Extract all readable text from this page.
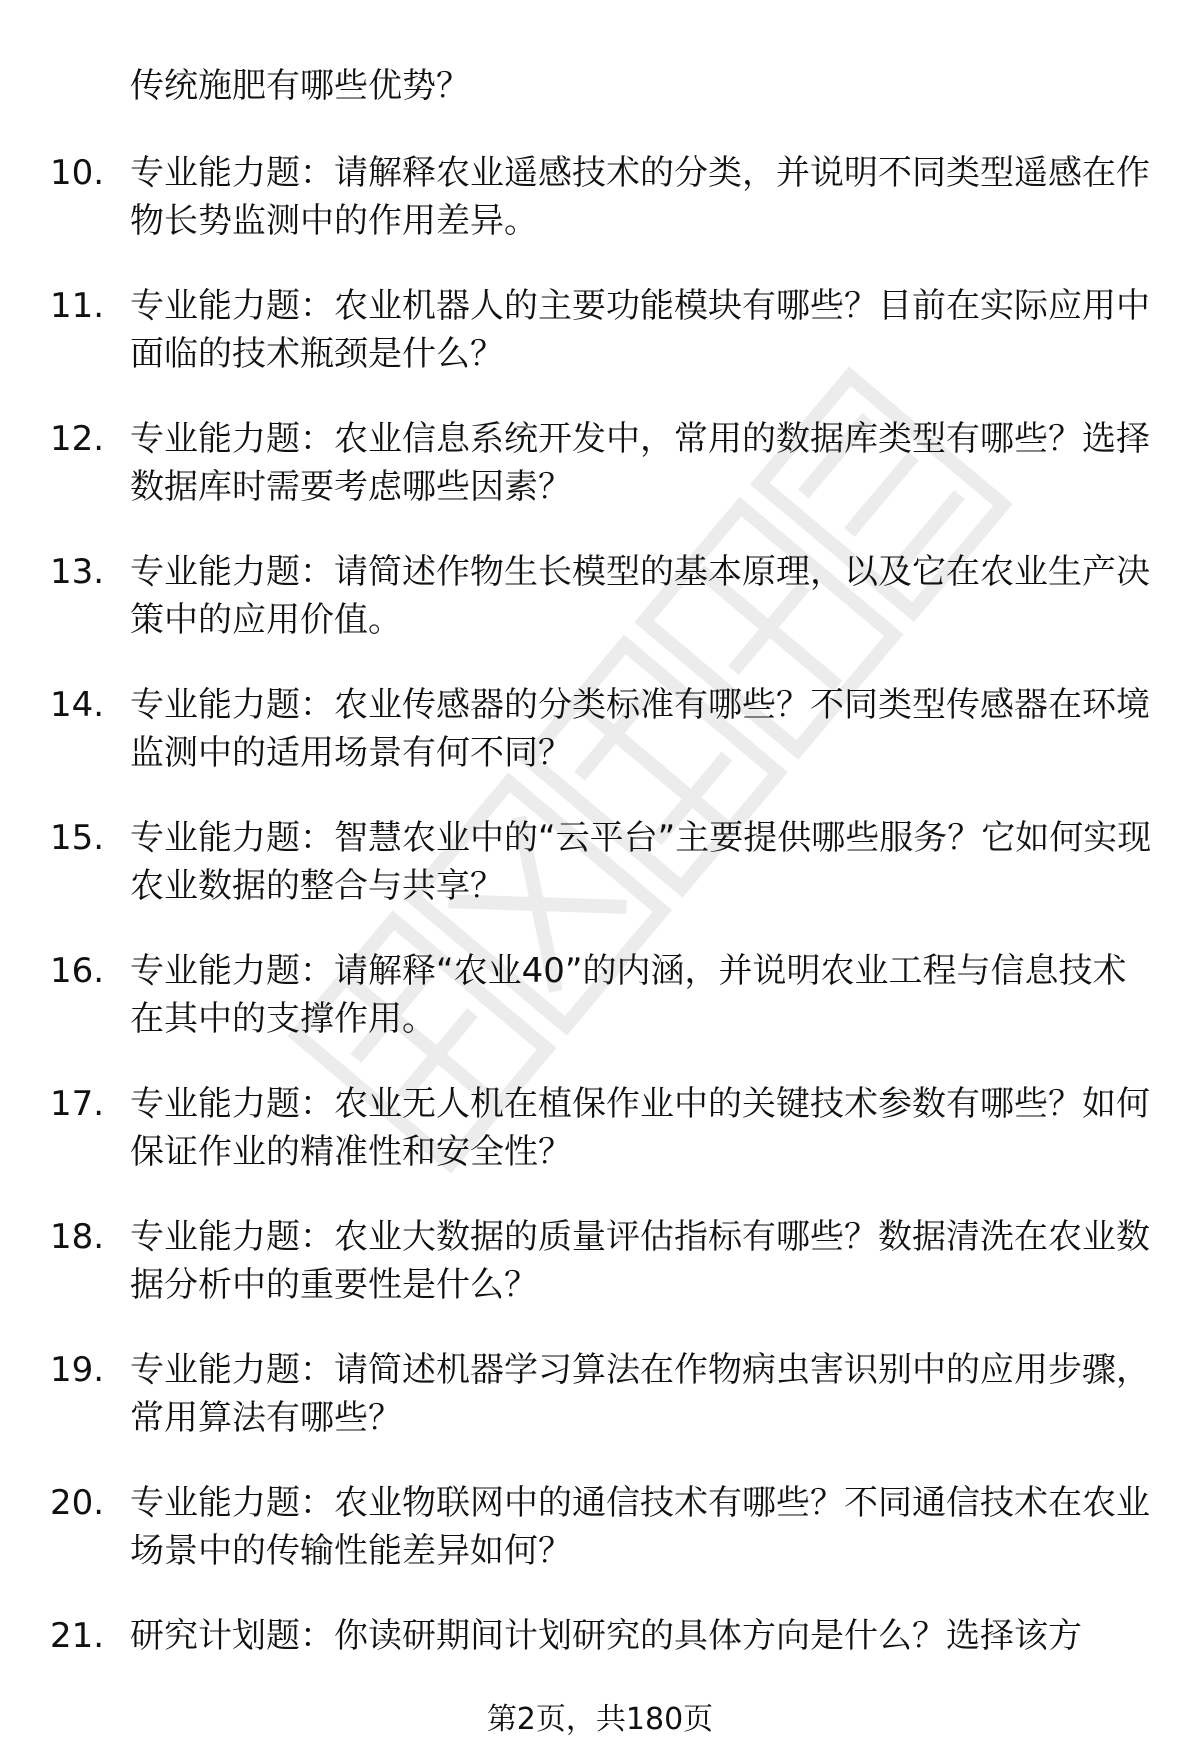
传统施肥有哪些优势？
10. 专业能力题：请解释农业遥感技术的分类，并说明不同类型遥感在作物长势监测中的作用差异。
11. 专业能力题：农业机器人的主要功能模块有哪些？目前在实际应用中面临的技术瓶颈是什么？
12. 专业能力题：农业信息系统开发中，常用的数据库类型有哪些？选择数据库时需要考虑哪些因素？
13. 专业能力题：请简述作物生长模型的基本原理，以及它在农业生产决策中的应用价值。
14. 专业能力题：农业传感器的分类标准有哪些？不同类型传感器在环境监测中的适用场景有何不同？
15. 专业能力题：智慧农业中的“云平台”主要提供哪些服务？它如何实现农业数据的整合与共享？
16. 专业能力题：请解释“农业40”的内涵，并说明农业工程与信息技术在其中的支撑作用。
17. 专业能力题：农业无人机在植保作业中的关键技术参数有哪些？如何保证作业的精准性和安全性？
18. 专业能力题：农业大数据的质量评估指标有哪些？数据清洗在农业数据分析中的重要性是什么？
19. 专业能力题：请简述机器学习算法在作物病虫害识别中的应用步骤，常用算法有哪些？
20. 专业能力题：农业物联网中的通信技术有哪些？不同通信技术在农业场景中的传输性能差异如何？
21. 研究计划题：你读研期间计划研究的具体方向是什么？选择该方
第2页，共180页
